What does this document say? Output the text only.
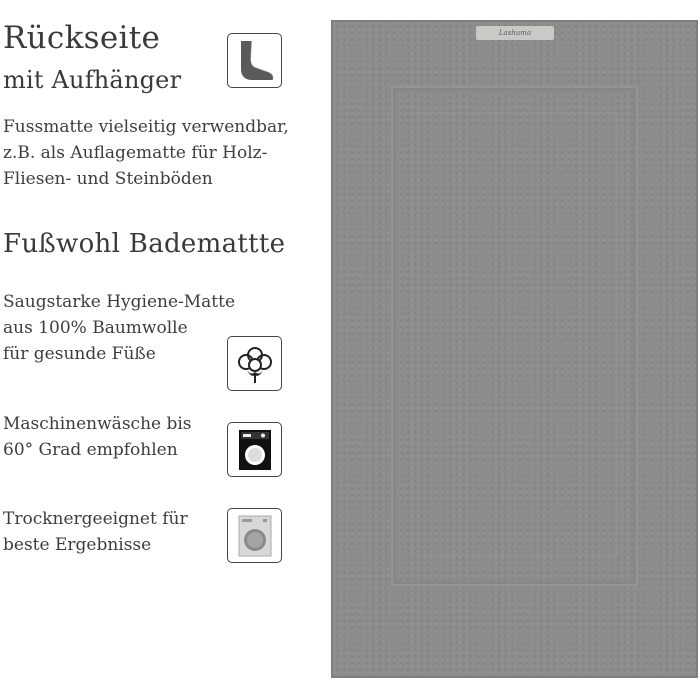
Rückseite
mit Aufhänger

Fussmatte vielseitig verwendbar,
z.B. als Auflagematte für Holz-
Fliesen- und Steinböden

Fußwohl Bademattte

Saugstarke Hygiene-Matte
aus 100% Baumwolle
für gesunde Füße

Maschinenwäsche bis
60° Grad empfohlen

Trocknergeeignet für
beste Ergebnisse

Lashuma
